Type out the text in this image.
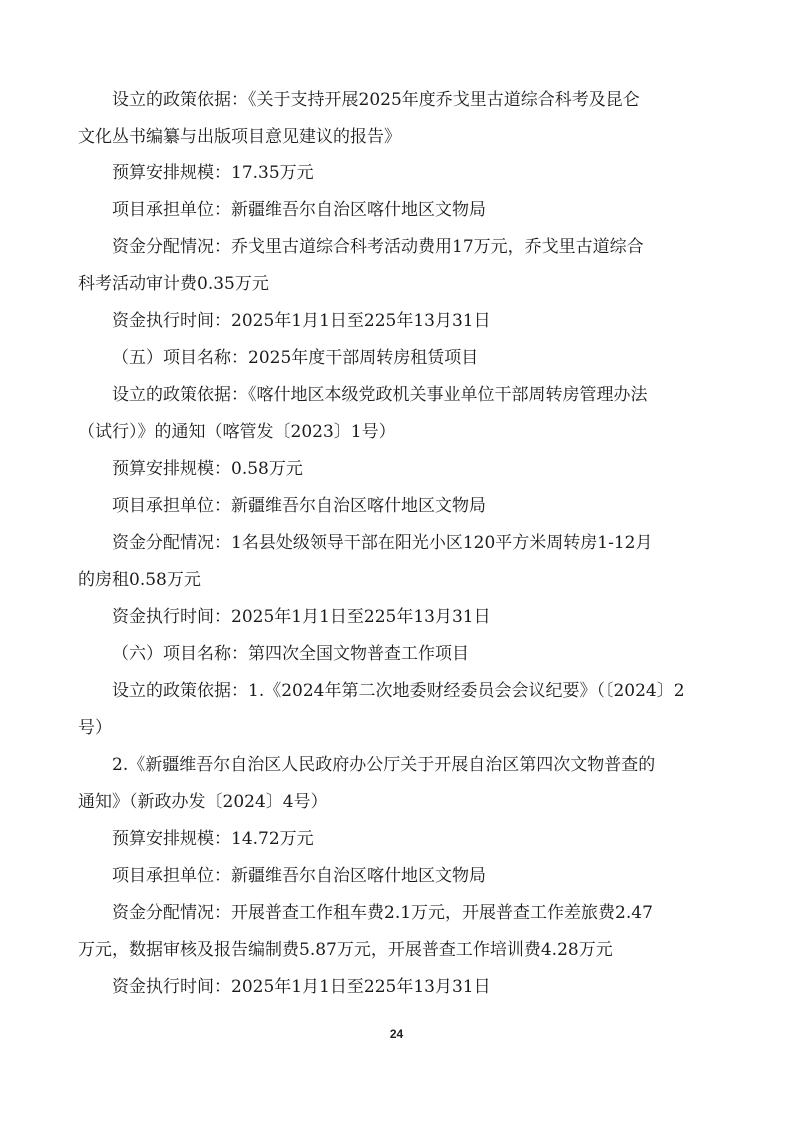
设立的政策依据：《关于支持开展2025年度乔戈里古道综合科考及昆仑
文化丛书编纂与出版项目意见建议的报告》
预算安排规模：17.35万元
项目承担单位：新疆维吾尔自治区喀什地区文物局
资金分配情况：乔戈里古道综合科考活动费用17万元，乔戈里古道综合
科考活动审计费0.35万元
资金执行时间：2025年1月1日至225年13月31日
（五）项目名称：2025年度干部周转房租赁项目
设立的政策依据：《喀什地区本级党政机关事业单位干部周转房管理办法
（试行）》的通知（喀管发〔2023〕1号）
预算安排规模：0.58万元
项目承担单位：新疆维吾尔自治区喀什地区文物局
资金分配情况：1名县处级领导干部在阳光小区120平方米周转房1-12月
的房租0.58万元
资金执行时间：2025年1月1日至225年13月31日
（六）项目名称：第四次全国文物普查工作项目
设立的政策依据：1.《2024年第二次地委财经委员会会议纪要》（〔2024〕2
号）
2.《新疆维吾尔自治区人民政府办公厅关于开展自治区第四次文物普查的
通知》（新政办发〔2024〕4号）
预算安排规模：14.72万元
项目承担单位：新疆维吾尔自治区喀什地区文物局
资金分配情况：开展普查工作租车费2.1万元，开展普查工作差旅费2.47
万元，数据审核及报告编制费5.87万元，开展普查工作培训费4.28万元
资金执行时间：2025年1月1日至225年13月31日
24
